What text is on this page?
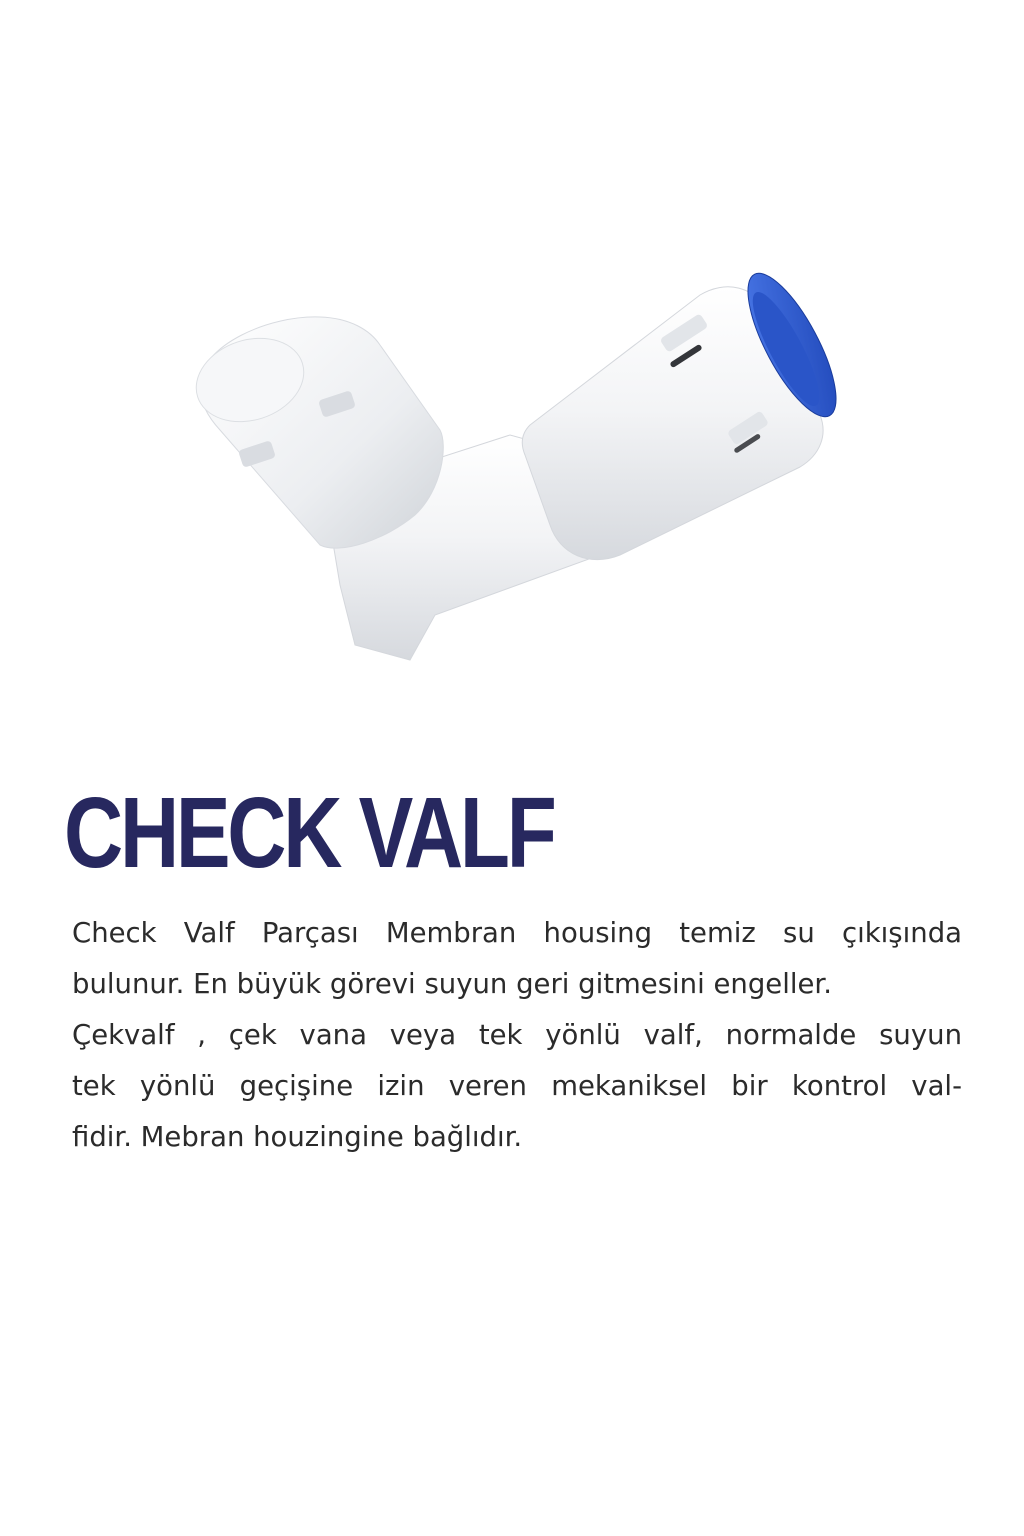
CHECK VALF

Check Valf Parçası Membran housing temiz su çıkışında
bulunur. En büyük görevi suyun geri gitmesini engeller.
Çekvalf , çek vana veya tek yönlü valf, normalde suyun
tek yönlü geçişine izin veren mekaniksel bir kontrol val-
fidir. Mebran houzingine bağlıdır.
